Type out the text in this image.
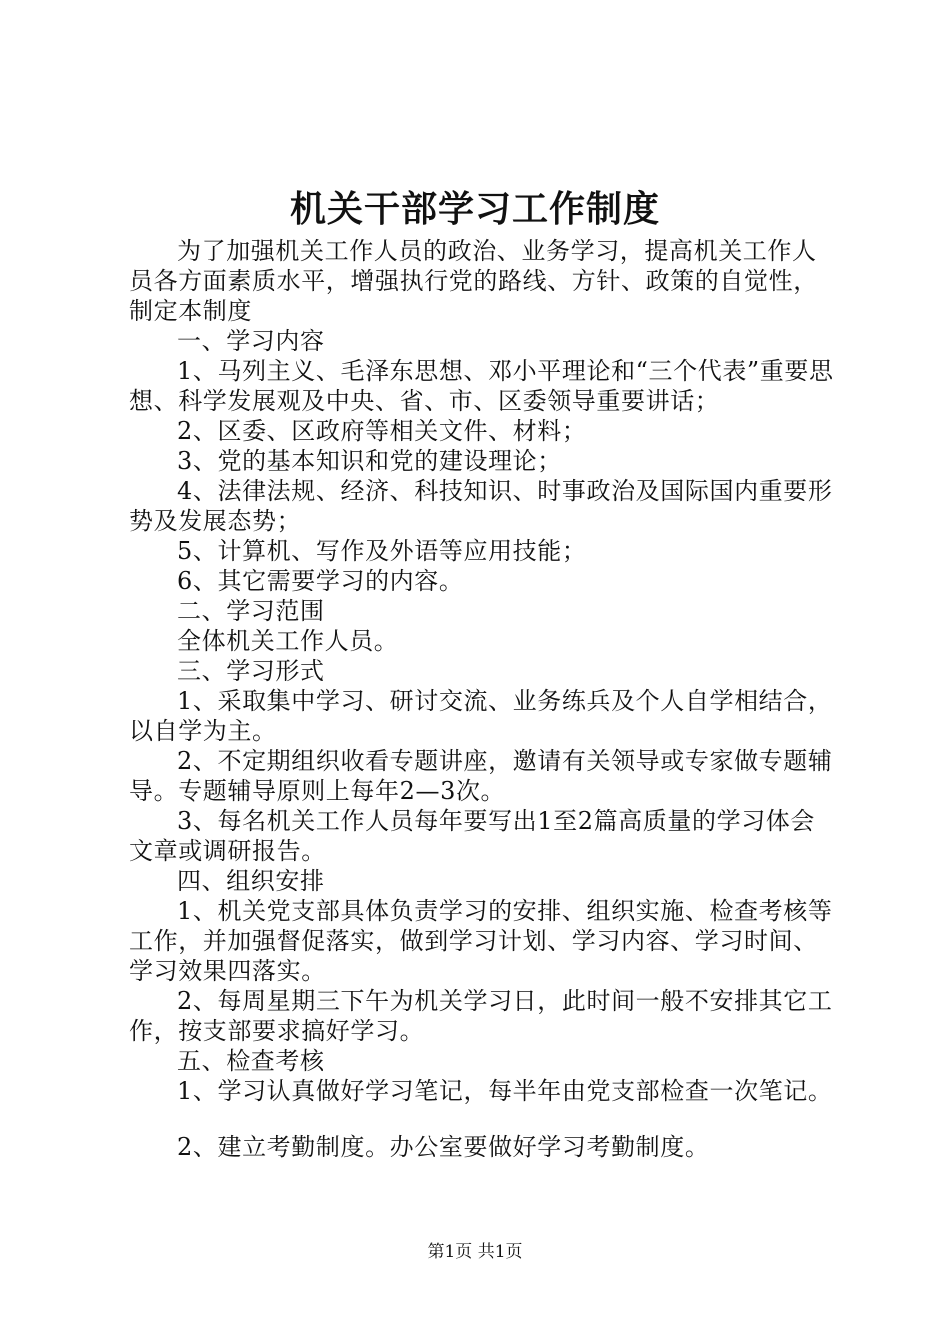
机关干部学习工作制度

为了加强机关工作人员的政治、业务学习，提高机关工作人员各方面素质水平，增强执行党的路线、方针、政策的自觉性，制定本制度

一、学习内容

1、马列主义、毛泽东思想、邓小平理论和“三个代表”重要思想、科学发展观及中央、省、市、区委领导重要讲话；

2、区委、区政府等相关文件、材料；

3、党的基本知识和党的建设理论；

4、法律法规、经济、科技知识、时事政治及国际国内重要形势及发展态势；

5、计算机、写作及外语等应用技能；

6、其它需要学习的内容。

二、学习范围

全体机关工作人员。

三、学习形式

1、采取集中学习、研讨交流、业务练兵及个人自学相结合，以自学为主。

2、不定期组织收看专题讲座，邀请有关领导或专家做专题辅导。专题辅导原则上每年2—3次。

3、每名机关工作人员每年要写出1至2篇高质量的学习体会文章或调研报告。

四、组织安排

1、机关党支部具体负责学习的安排、组织实施、检查考核等工作，并加强督促落实，做到学习计划、学习内容、学习时间、学习效果四落实。

2、每周星期三下午为机关学习日，此时间一般不安排其它工作，按支部要求搞好学习。

五、检查考核

1、学习认真做好学习笔记，每半年由党支部检查一次笔记。

2、建立考勤制度。办公室要做好学习考勤制度。

第1页 共1页
